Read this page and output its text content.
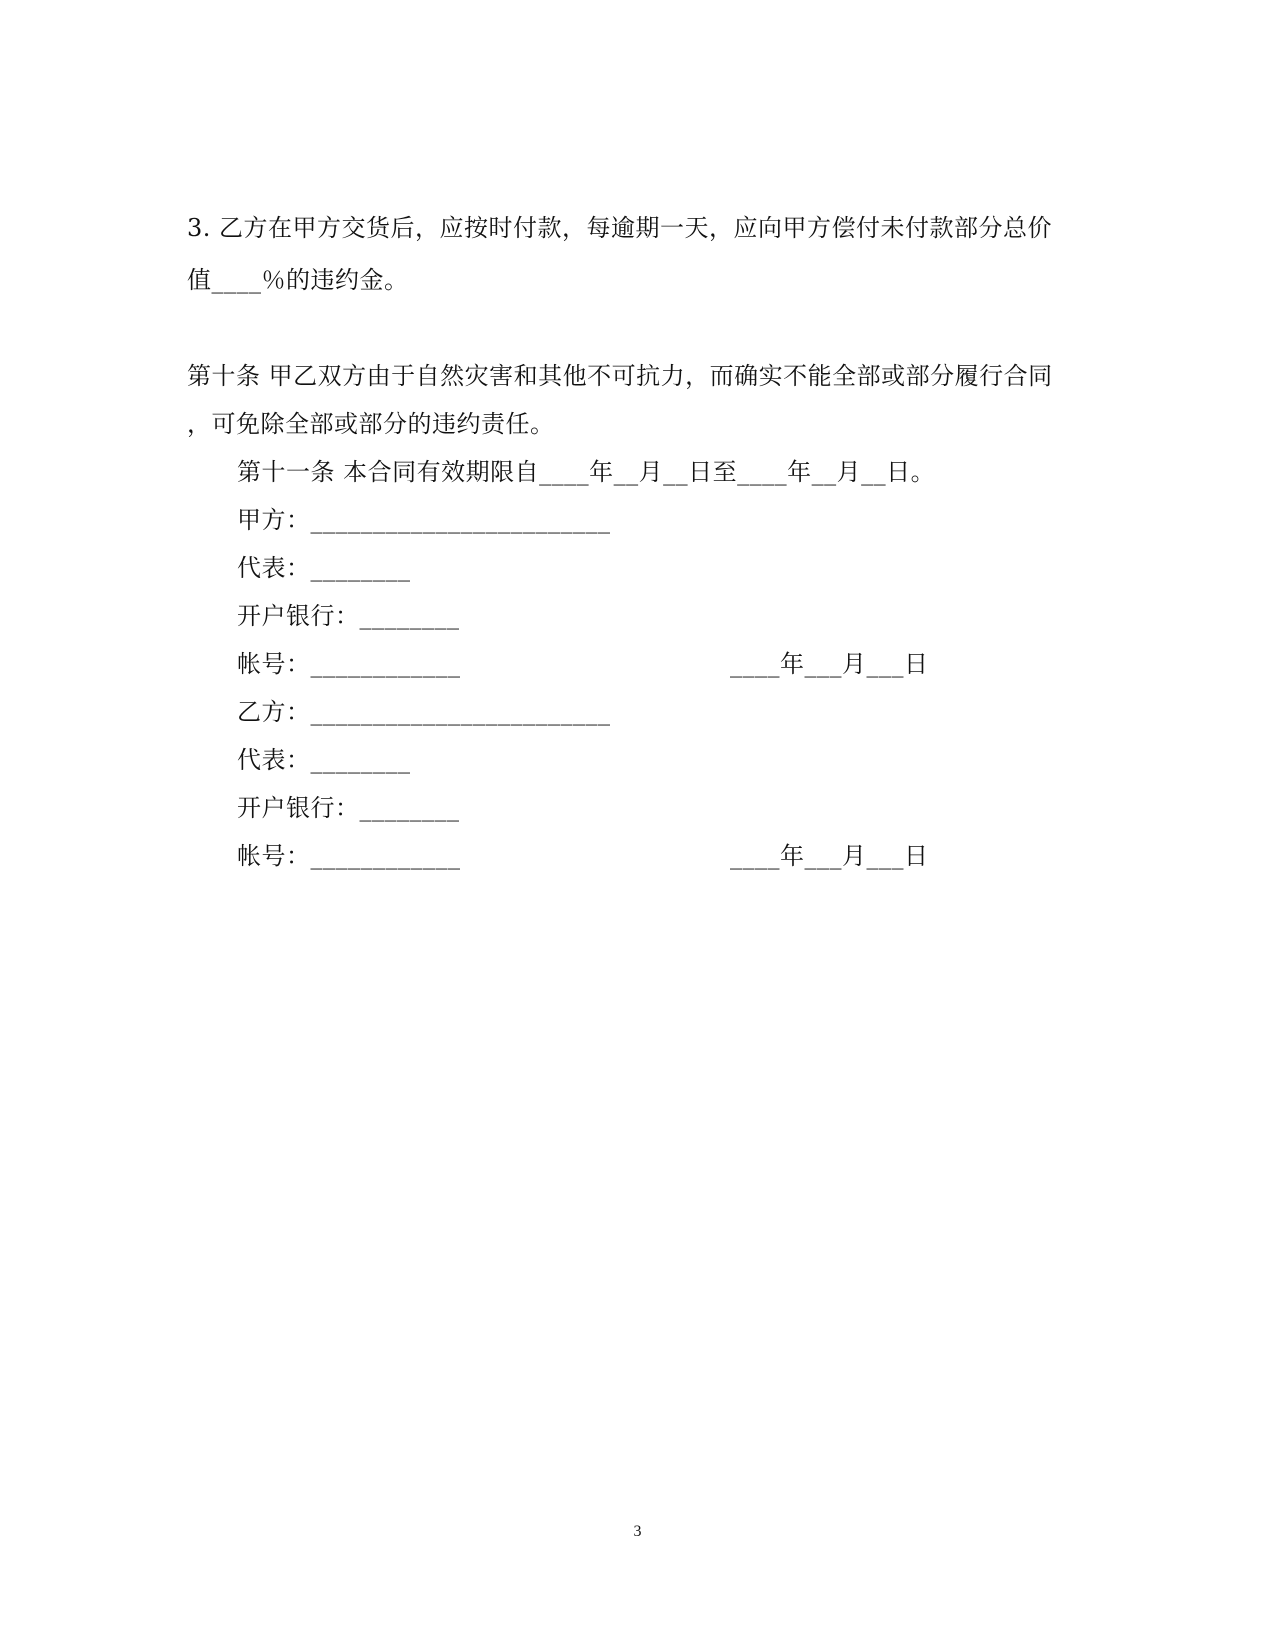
3. 乙方在甲方交货后，应按时付款，每逾期一天，应向甲方偿付未付款部分总价
值____％的违约金。
第十条 甲乙双方由于自然灾害和其他不可抗力，而确实不能全部或部分履行合同
，可免除全部或部分的违约责任。
第十一条 本合同有效期限自____年__月__日至____年__月__日。
甲方：________________________
代表：________
开户银行：________
帐号：____________	____年___月___日
乙方：________________________
代表：________
开户银行：________
帐号：____________	____年___月___日
3
